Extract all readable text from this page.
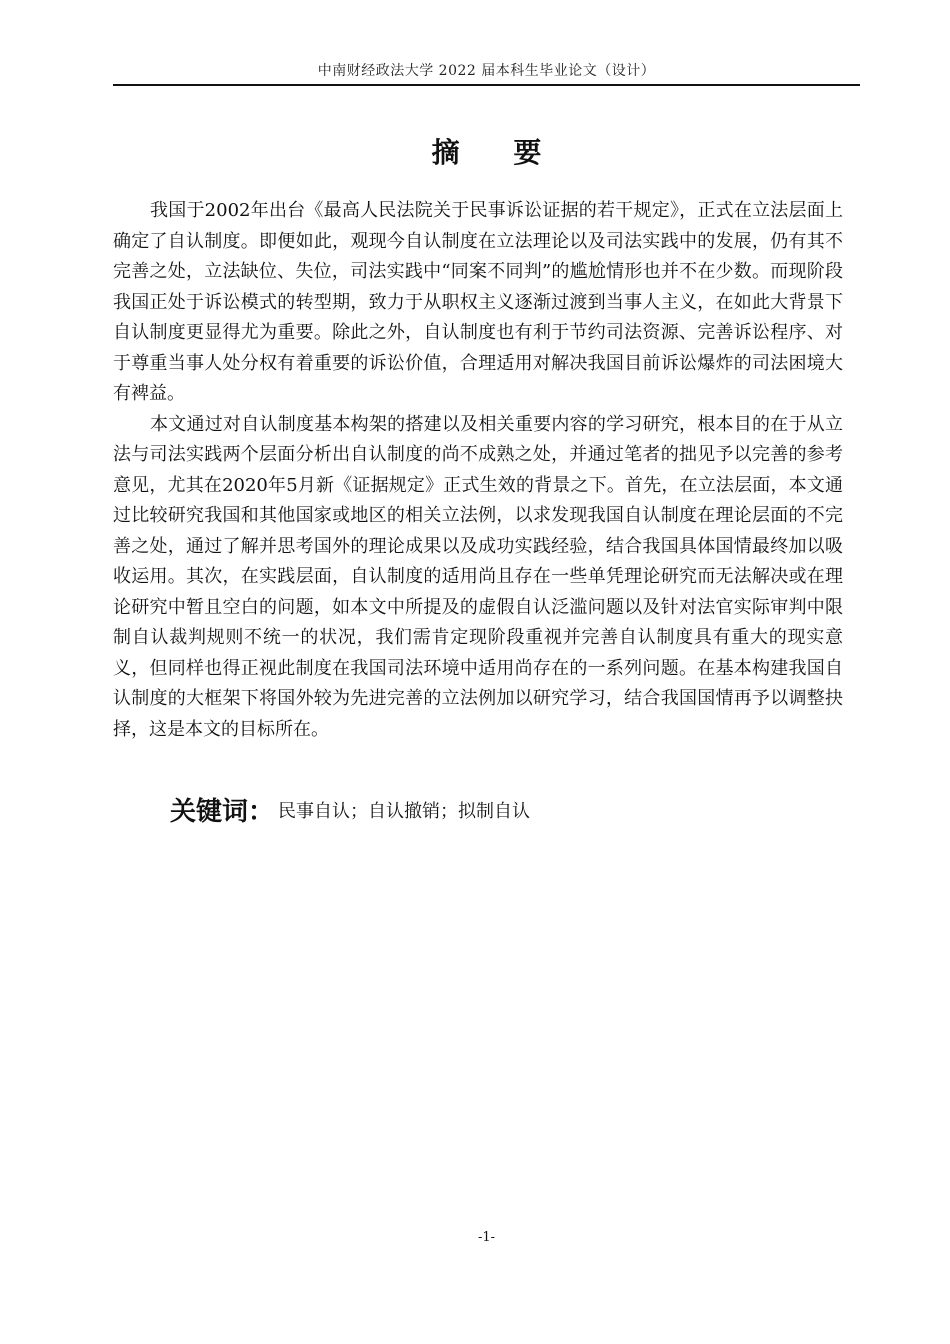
中南财经政法大学 2022 届本科生毕业论文（设计）
摘 要

我国于2002年出台《最高人民法院关于民事诉讼证据的若干规定》，正式在立法层面上确定了自认制度。即便如此，观现今自认制度在立法理论以及司法实践中的发展，仍有其不完善之处，立法缺位、失位，司法实践中“同案不同判”的尴尬情形也并不在少数。而现阶段我国正处于诉讼模式的转型期，致力于从职权主义逐渐过渡到当事人主义，在如此大背景下自认制度更显得尤为重要。除此之外，自认制度也有利于节约司法资源、完善诉讼程序、对于尊重当事人处分权有着重要的诉讼价值，合理适用对解决我国目前诉讼爆炸的司法困境大有裨益。

本文通过对自认制度基本构架的搭建以及相关重要内容的学习研究，根本目的在于从立法与司法实践两个层面分析出自认制度的尚不成熟之处，并通过笔者的拙见予以完善的参考意见，尤其在2020年5月新《证据规定》正式生效的背景之下。首先，在立法层面，本文通过比较研究我国和其他国家或地区的相关立法例，以求发现我国自认制度在理论层面的不完善之处，通过了解并思考国外的理论成果以及成功实践经验，结合我国具体国情最终加以吸收运用。其次，在实践层面，自认制度的适用尚且存在一些单凭理论研究而无法解决或在理论研究中暂且空白的问题，如本文中所提及的虚假自认泛滥问题以及针对法官实际审判中限制自认裁判规则不统一的状况，我们需肯定现阶段重视并完善自认制度具有重大的现实意义，但同样也得正视此制度在我国司法环境中适用尚存在的一系列问题。在基本构建我国自认制度的大框架下将国外较为先进完善的立法例加以研究学习，结合我国国情再予以调整抉择，这是本文的目标所在。

关键词： 民事自认；自认撤销；拟制自认
-1-
